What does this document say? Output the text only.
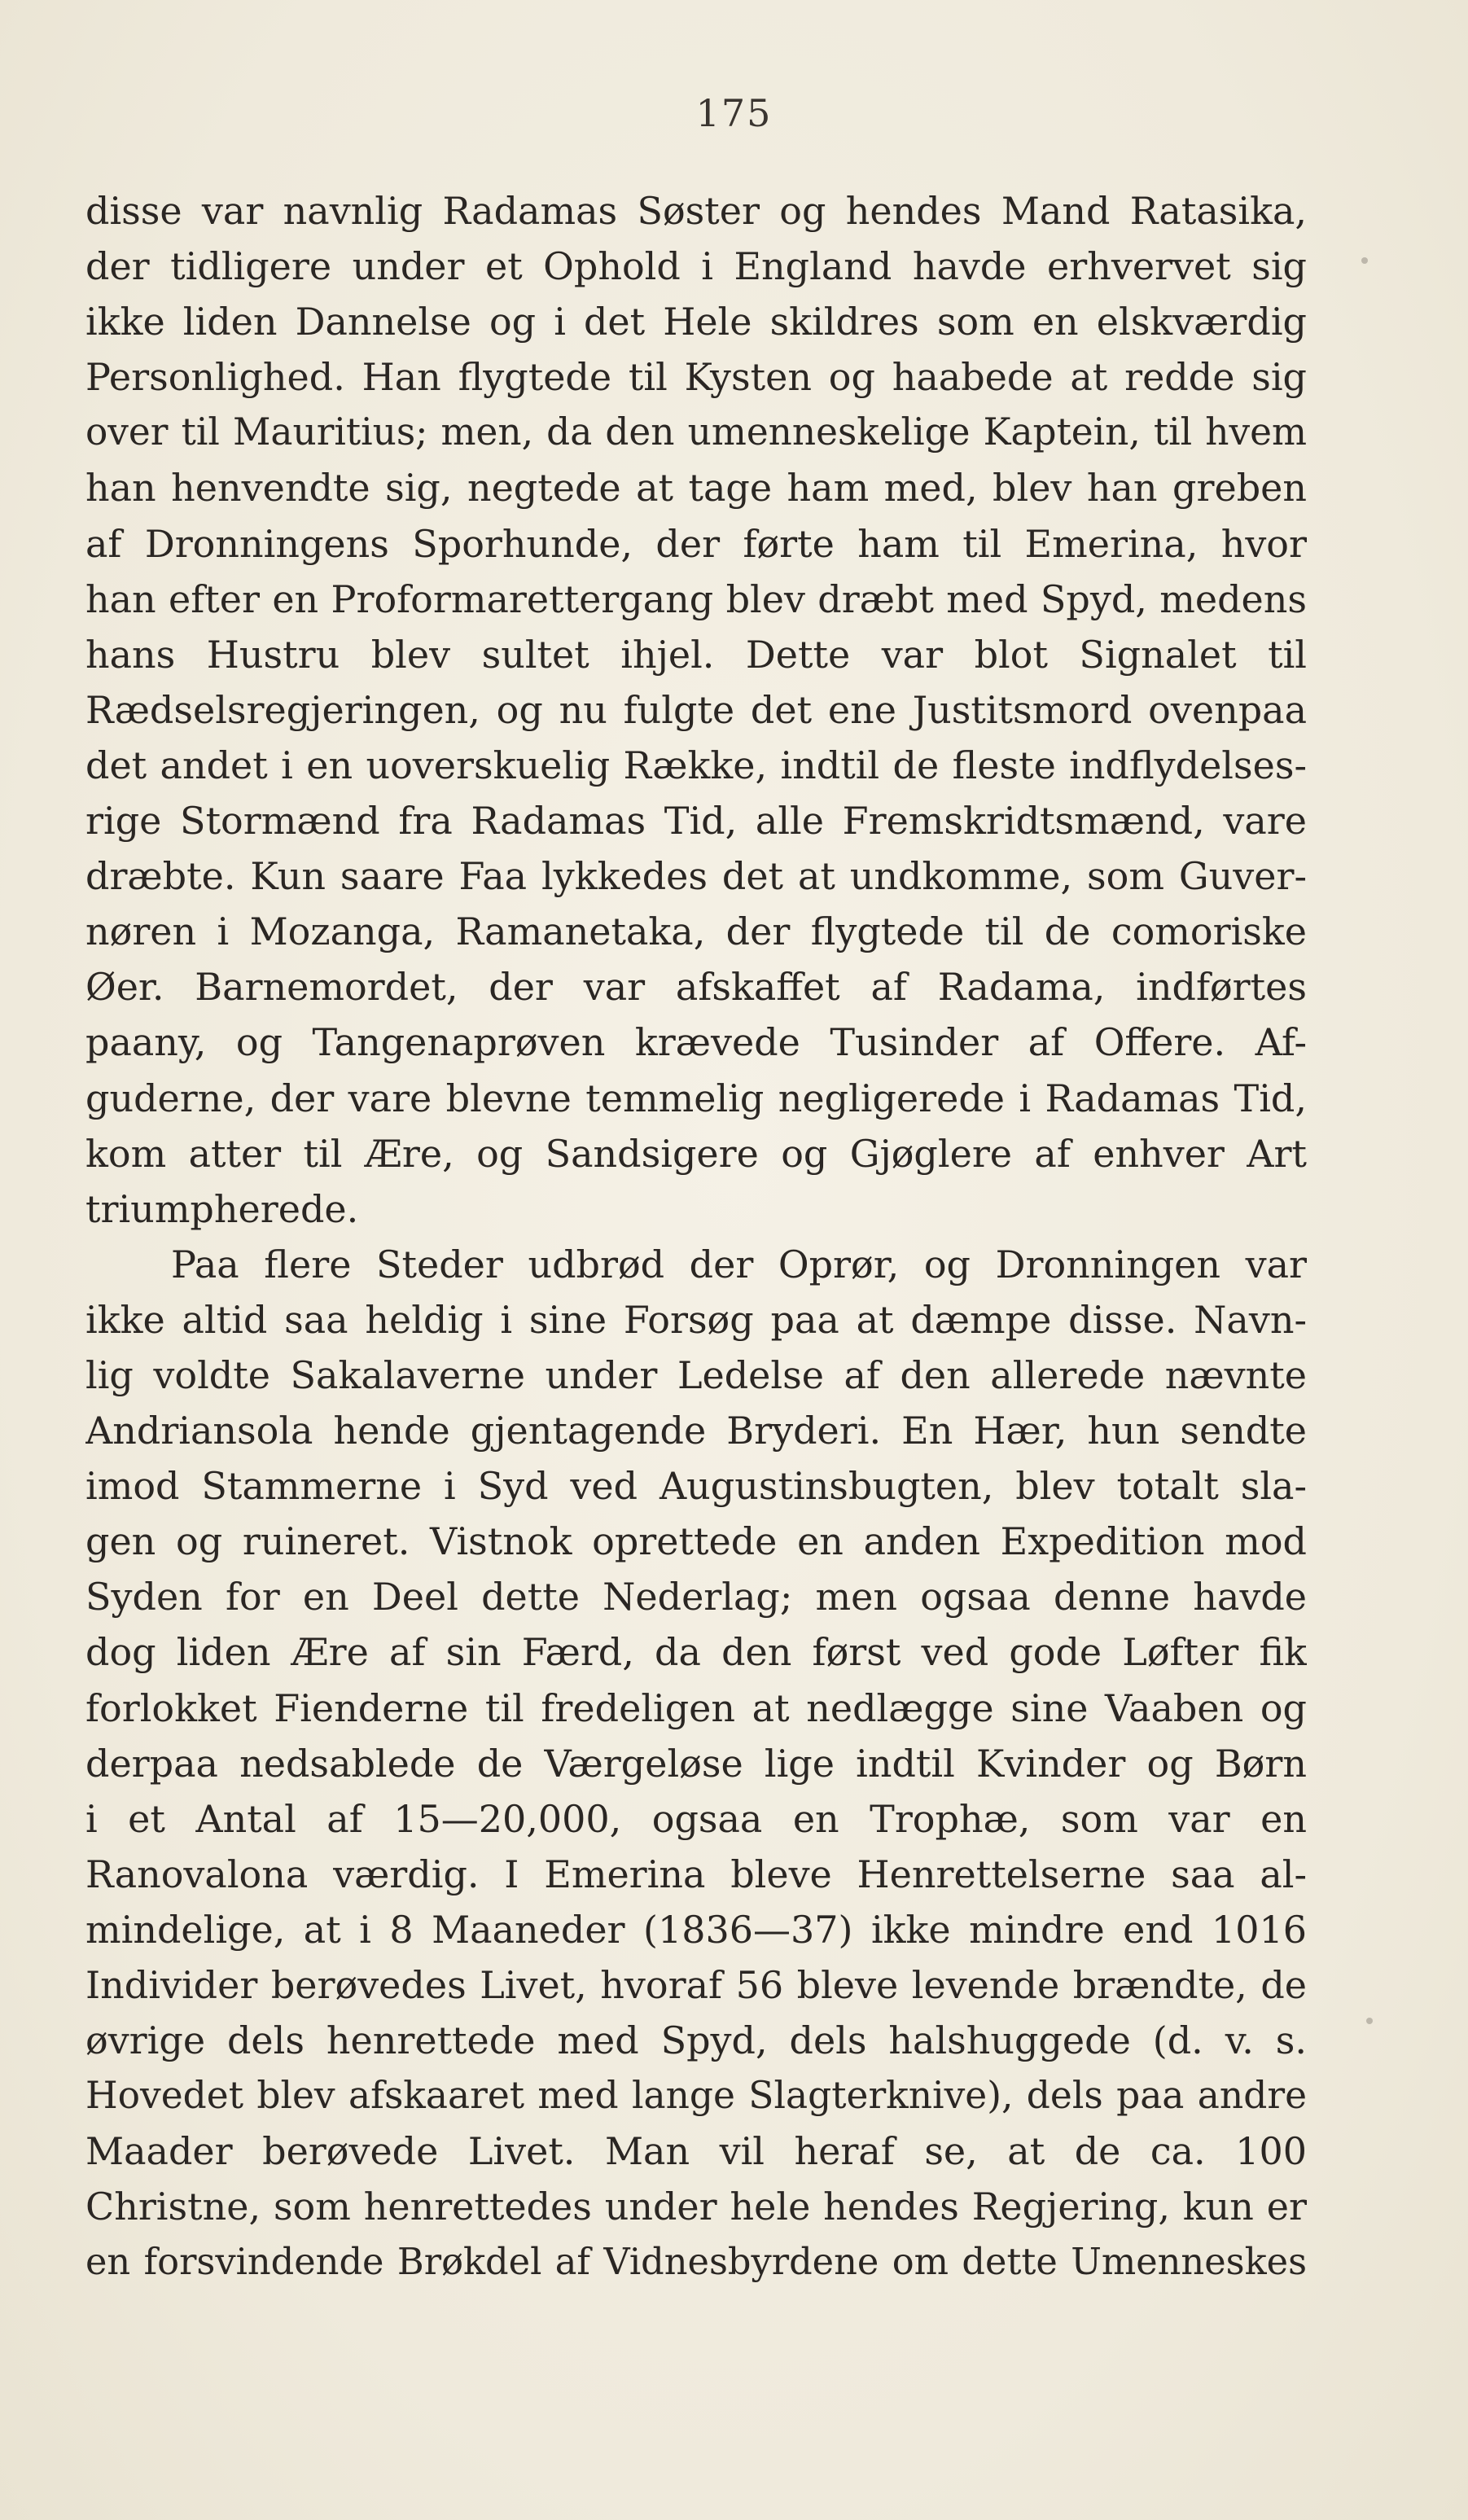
175
disse var navnlig Radamas Søster og hendes Mand Ratasika,
der tidligere under et Ophold i England havde erhvervet sig
ikke liden Dannelse og i det Hele skildres som en elskværdig
Personlighed. Han flygtede til Kysten og haabede at redde sig
over til Mauritius; men, da den umenneskelige Kaptein, til hvem
han henvendte sig, negtede at tage ham med, blev han greben
af Dronningens Sporhunde, der førte ham til Emerina, hvor
han efter en Proformarettergang blev dræbt med Spyd, medens
hans Hustru blev sultet ihjel. Dette var blot Signalet til
Rædselsregjeringen, og nu fulgte det ene Justitsmord ovenpaa
det andet i en uoverskuelig Række, indtil de fleste indflydelses-
rige Stormænd fra Radamas Tid, alle Fremskridtsmænd, vare
dræbte. Kun saare Faa lykkedes det at undkomme, som Guver-
nøren i Mozanga, Ramanetaka, der flygtede til de comoriske
Øer. Barnemordet, der var afskaffet af Radama, indførtes
paany, og Tangenaprøven krævede Tusinder af Offere. Af-
guderne, der vare blevne temmelig negligerede i Radamas Tid,
kom atter til Ære, og Sandsigere og Gjøglere af enhver Art
triumpherede.
Paa flere Steder udbrød der Oprør, og Dronningen var
ikke altid saa heldig i sine Forsøg paa at dæmpe disse. Navn-
lig voldte Sakalaverne under Ledelse af den allerede nævnte
Andriansola hende gjentagende Bryderi. En Hær, hun sendte
imod Stammerne i Syd ved Augustinsbugten, blev totalt sla-
gen og ruineret. Vistnok oprettede en anden Expedition mod
Syden for en Deel dette Nederlag; men ogsaa denne havde
dog liden Ære af sin Færd, da den først ved gode Løfter fik
forlokket Fienderne til fredeligen at nedlægge sine Vaaben og
derpaa nedsablede de Værgeløse lige indtil Kvinder og Børn
i et Antal af 15—20,000, ogsaa en Trophæ, som var en
Ranovalona værdig. I Emerina bleve Henrettelserne saa al-
mindelige, at i 8 Maaneder (1836—37) ikke mindre end 1016
Individer berøvedes Livet, hvoraf 56 bleve levende brændte, de
øvrige dels henrettede med Spyd, dels halshuggede (d. v. s.
Hovedet blev afskaaret med lange Slagterknive), dels paa andre
Maader berøvede Livet. Man vil heraf se, at de ca. 100
Christne, som henrettedes under hele hendes Regjering, kun er
en forsvindende Brøkdel af Vidnesbyrdene om dette Umenneskes
